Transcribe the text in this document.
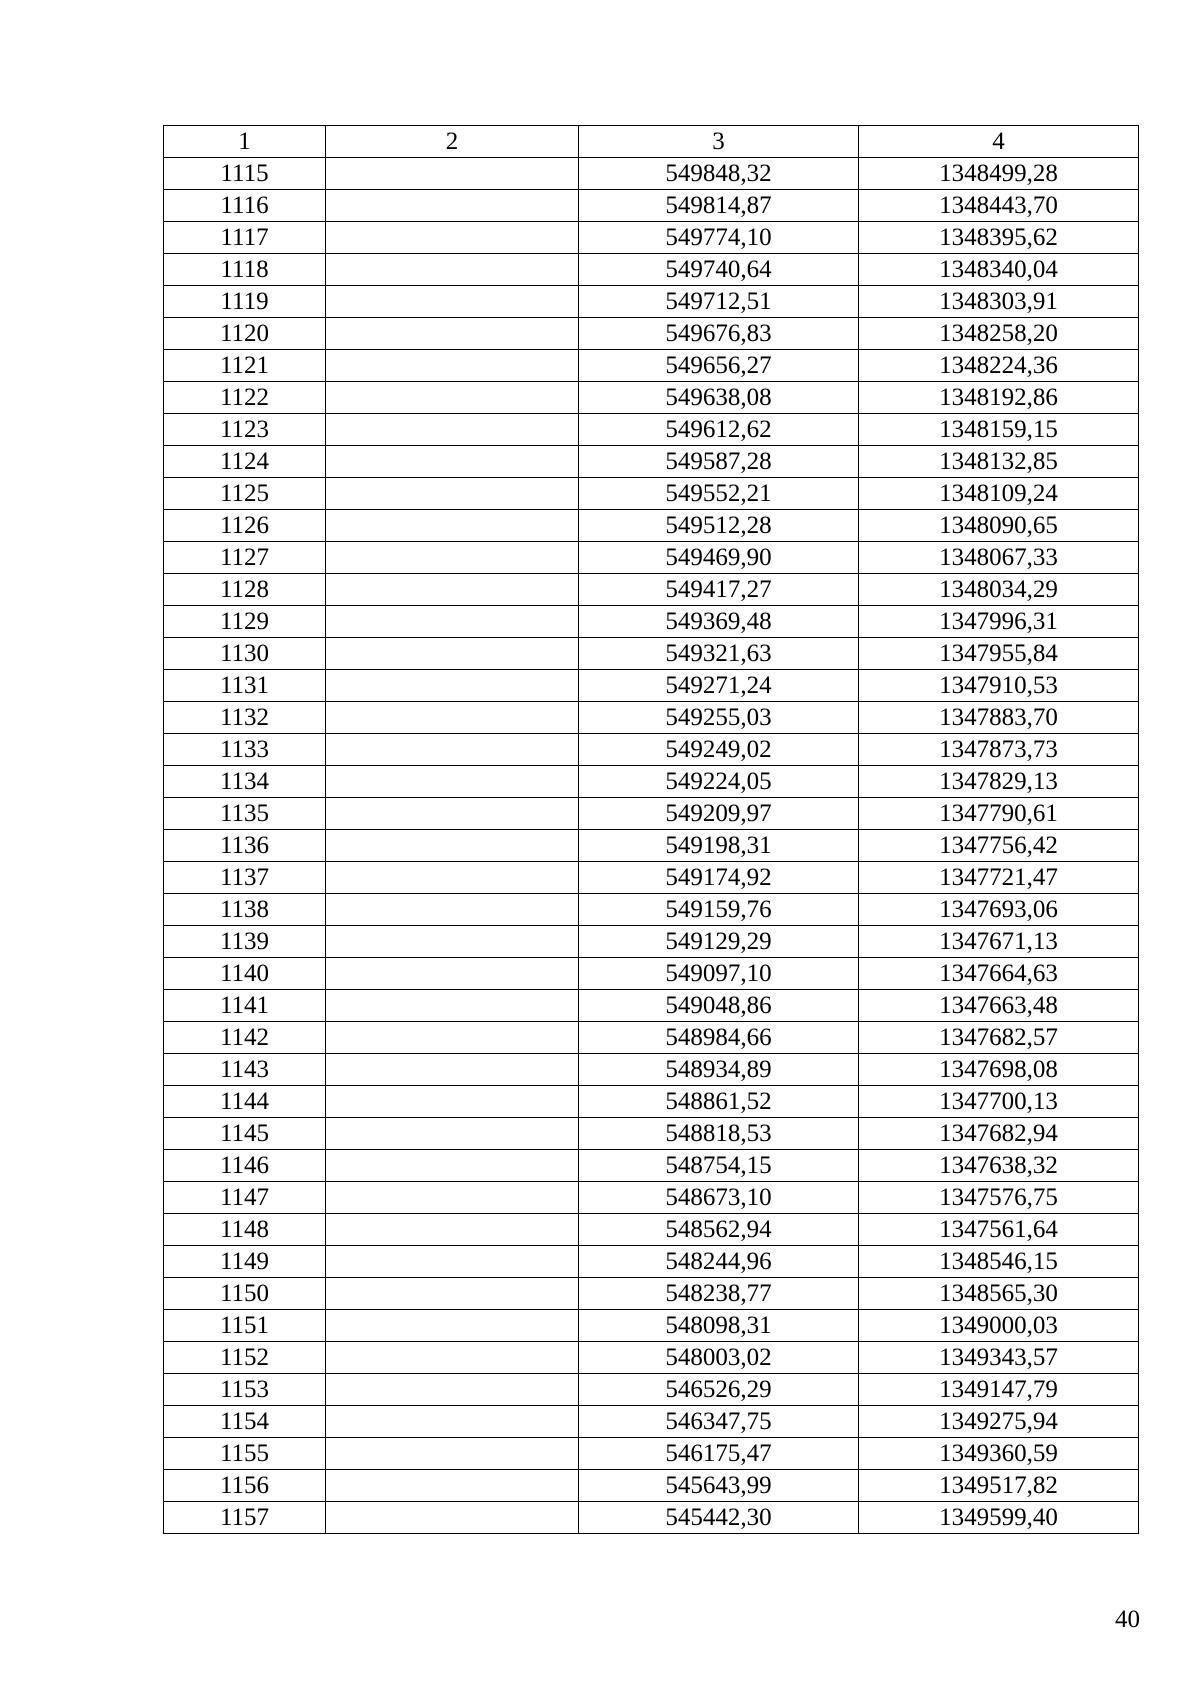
1	2	3	4
1115		549848,32	1348499,28
1116		549814,87	1348443,70
1117		549774,10	1348395,62
1118		549740,64	1348340,04
1119		549712,51	1348303,91
1120		549676,83	1348258,20
1121		549656,27	1348224,36
1122		549638,08	1348192,86
1123		549612,62	1348159,15
1124		549587,28	1348132,85
1125		549552,21	1348109,24
1126		549512,28	1348090,65
1127		549469,90	1348067,33
1128		549417,27	1348034,29
1129		549369,48	1347996,31
1130		549321,63	1347955,84
1131		549271,24	1347910,53
1132		549255,03	1347883,70
1133		549249,02	1347873,73
1134		549224,05	1347829,13
1135		549209,97	1347790,61
1136		549198,31	1347756,42
1137		549174,92	1347721,47
1138		549159,76	1347693,06
1139		549129,29	1347671,13
1140		549097,10	1347664,63
1141		549048,86	1347663,48
1142		548984,66	1347682,57
1143		548934,89	1347698,08
1144		548861,52	1347700,13
1145		548818,53	1347682,94
1146		548754,15	1347638,32
1147		548673,10	1347576,75
1148		548562,94	1347561,64
1149		548244,96	1348546,15
1150		548238,77	1348565,30
1151		548098,31	1349000,03
1152		548003,02	1349343,57
1153		546526,29	1349147,79
1154		546347,75	1349275,94
1155		546175,47	1349360,59
1156		545643,99	1349517,82
1157		545442,30	1349599,40
40
